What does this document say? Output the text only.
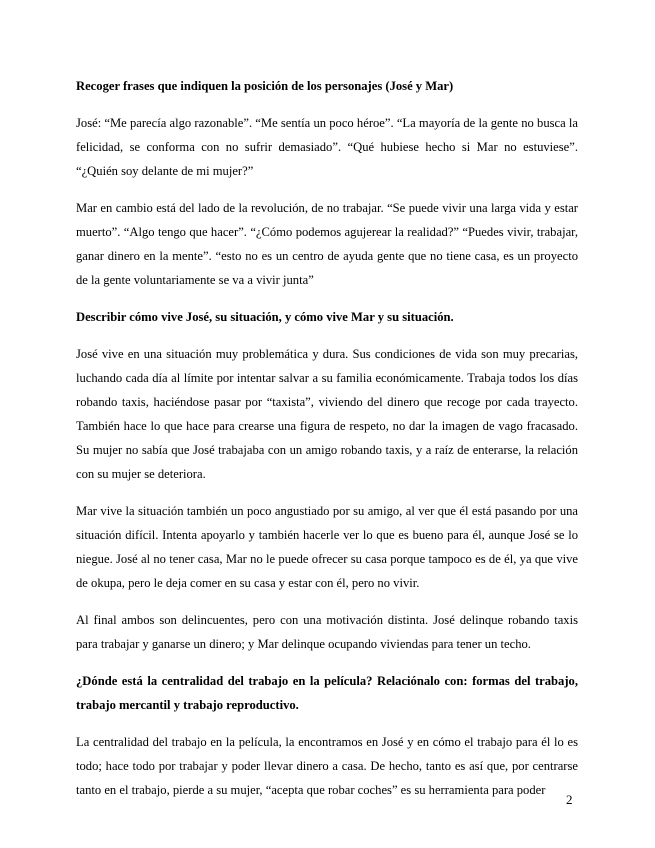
Recoger frases que indiquen la posición de los personajes (José y Mar)

José: “Me parecía algo razonable”. “Me sentía un poco héroe”. “La mayoría de la gente no busca la felicidad, se conforma con no sufrir demasiado”. “Qué hubiese hecho si Mar no estuviese”. “¿Quién soy delante de mi mujer?”

Mar en cambio está del lado de la revolución, de no trabajar. “Se puede vivir una larga vida y estar muerto”. “Algo tengo que hacer”. “¿Cómo podemos agujerear la realidad?” “Puedes vivir, trabajar, ganar dinero en la mente”. “esto no es un centro de ayuda gente que no tiene casa, es un proyecto de la gente voluntariamente se va a vivir junta”

Describir cómo vive José, su situación, y cómo vive Mar y su situación.

José vive en una situación muy problemática y dura. Sus condiciones de vida son muy precarias, luchando cada día al límite por intentar salvar a su familia económicamente. Trabaja todos los días robando taxis, haciéndose pasar por “taxista”, viviendo del dinero que recoge por cada trayecto. También hace lo que hace para crearse una figura de respeto, no dar la imagen de vago fracasado. Su mujer no sabía que José trabajaba con un amigo robando taxis, y a raíz de enterarse, la relación con su mujer se deteriora.

Mar vive la situación también un poco angustiado por su amigo, al ver que él está pasando por una situación difícil. Intenta apoyarlo y también hacerle ver lo que es bueno para él, aunque José se lo niegue. José al no tener casa, Mar no le puede ofrecer su casa porque tampoco es de él, ya que vive de okupa, pero le deja comer en su casa y estar con él, pero no vivir.

Al final ambos son delincuentes, pero con una motivación distinta. José delinque robando taxis para trabajar y ganarse un dinero; y Mar delinque ocupando viviendas para tener un techo.

¿Dónde está la centralidad del trabajo en la película? Relaciónalo con: formas del trabajo, trabajo mercantil y trabajo reproductivo.

La centralidad del trabajo en la película, la encontramos en José y en cómo el trabajo para él lo es todo; hace todo por trabajar y poder llevar dinero a casa. De hecho, tanto es así que, por centrarse tanto en el trabajo, pierde a su mujer, “acepta que robar coches” es su herramienta para poder

2
